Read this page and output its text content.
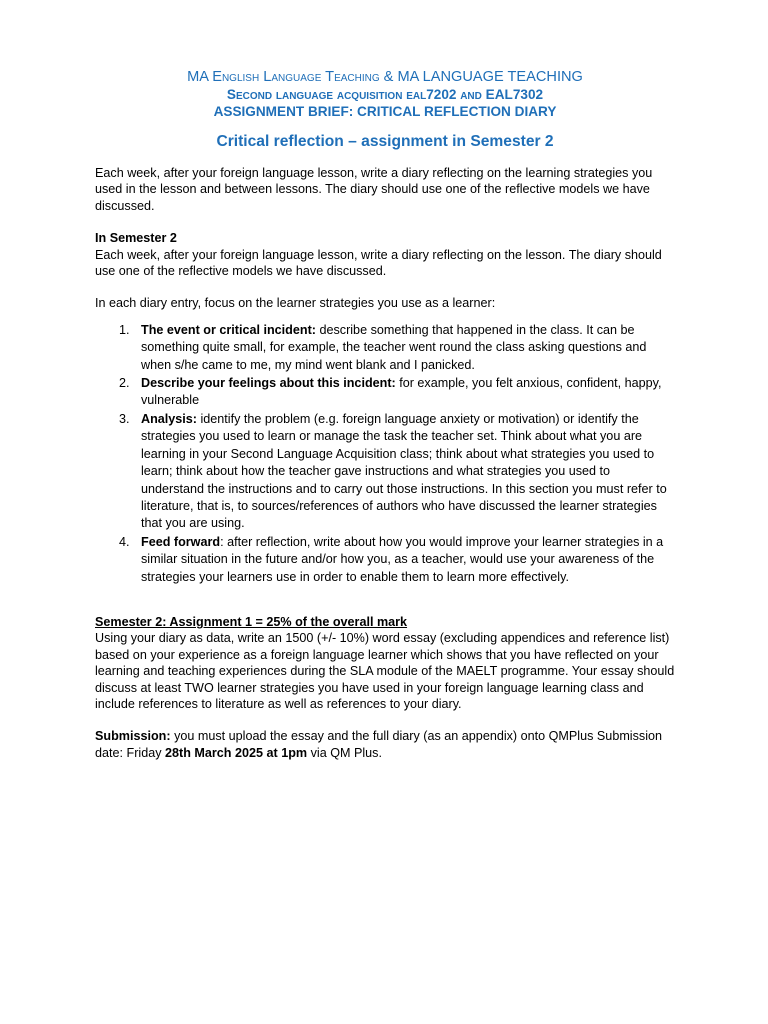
MA English Language Teaching & MA LANGUAGE TEACHING
Second language acquisition eal7202 and EAL7302
ASSIGNMENT BRIEF: CRITICAL REFLECTION DIARY
Critical reflection – assignment in Semester 2

Each week, after your foreign language lesson, write a diary reflecting on the learning strategies you used in the lesson and between lessons. The diary should use one of the reflective models we have discussed.

In Semester 2
Each week, after your foreign language lesson, write a diary reflecting on the lesson. The diary should use one of the reflective models we have discussed.

In each diary entry, focus on the learner strategies you use as a learner:

1. The event or critical incident: describe something that happened in the class. It can be something quite small, for example, the teacher went round the class asking questions and when s/he came to me, my mind went blank and I panicked.
2. Describe your feelings about this incident: for example, you felt anxious, confident, happy, vulnerable
3. Analysis: identify the problem (e.g. foreign language anxiety or motivation) or identify the strategies you used to learn or manage the task the teacher set. Think about what you are learning in your Second Language Acquisition class; think about what strategies you used to learn; think about how the teacher gave instructions and what strategies you used to understand the instructions and to carry out those instructions. In this section you must refer to literature, that is, to sources/references of authors who have discussed the learner strategies that you are using.
4. Feed forward: after reflection, write about how you would improve your learner strategies in a similar situation in the future and/or how you, as a teacher, would use your awareness of the strategies your learners use in order to enable them to learn more effectively.

Semester 2: Assignment 1 = 25% of the overall mark
Using your diary as data, write an 1500 (+/- 10%) word essay (excluding appendices and reference list) based on your experience as a foreign language learner which shows that you have reflected on your learning and teaching experiences during the SLA module of the MAELT programme. Your essay should discuss at least TWO learner strategies you have used in your foreign language learning class and include references to literature as well as references to your diary.

Submission: you must upload the essay and the full diary (as an appendix) onto QMPlus Submission date: Friday 28th March 2025 at 1pm via QM Plus.
